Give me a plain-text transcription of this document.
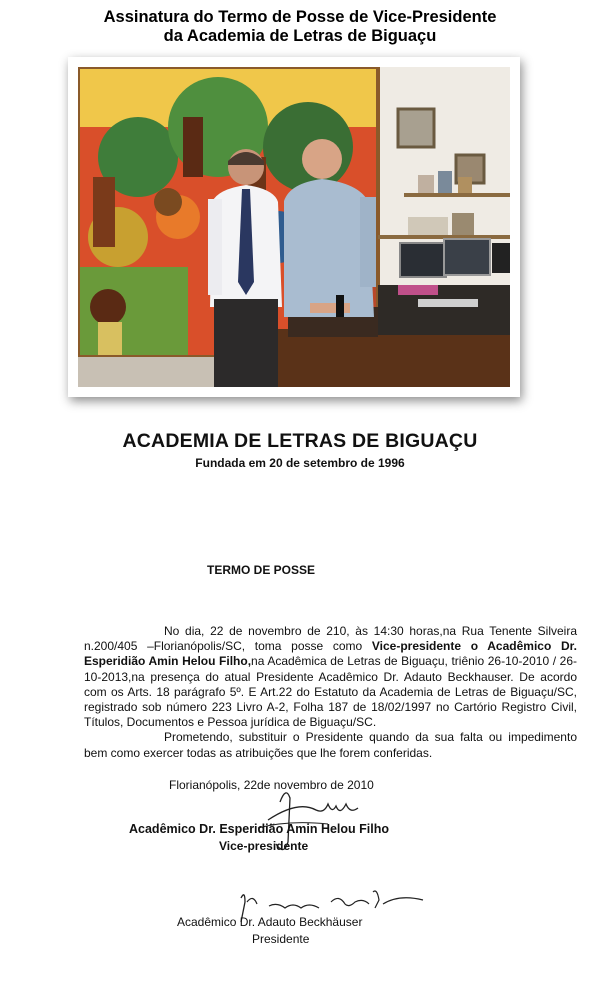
Assinatura do Termo de Posse de Vice-Presidente
da Academia de Letras de Biguaçu
ACADEMIA DE LETRAS DE BIGUAÇU
Fundada em 20 de setembro de 1996
TERMO DE POSSE

No dia, 22 de novembro de 210, às 14:30 horas,na Rua Tenente Silveira n.200/405 –Florianópolis/SC, toma posse como Vice-presidente o Acadêmico Dr. Esperidião Amin Helou Filho,na Acadêmica de Letras de Biguaçu, triênio 26-10-2010 / 26-10-2013,na presença do atual Presidente Acadêmico Dr. Adauto Beckhauser. De acordo com os Arts. 18 parágrafo 5º. E Art.22 do Estatuto da Academia de Letras de Biguaçu/SC, registrado sob número 223 Livro A-2, Folha 187 de 18/02/1997 no Cartório Registro Civil, Títulos, Documentos e Pessoa jurídica de Biguaçu/SC.

Prometendo, substituir o Presidente quando da sua falta ou impedimento bem como exercer todas as atribuições que lhe forem conferidas.

Florianópolis, 22de novembro de 2010
Acadêmico Dr. Esperidião Amin Helou Filho
Vice-presidente
Acadêmico Dr. Adauto Beckhäuser
Presidente
